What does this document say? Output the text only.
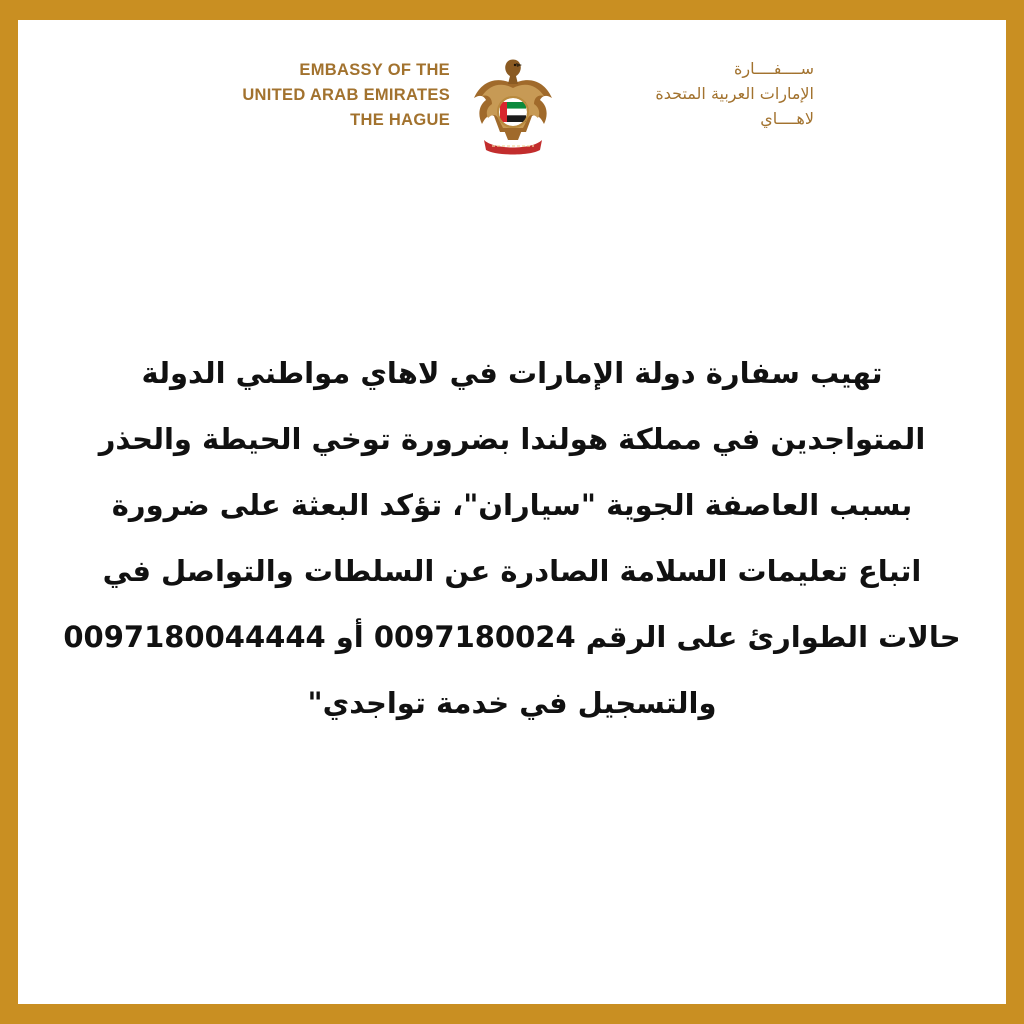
EMBASSY OF THE
UNITED ARAB EMIRATES
THE HAGUE
ســــفــــارة
الإمارات العربية المتحدة
لاهــــاي
تهيب سفارة دولة الإمارات في لاهاي مواطني الدولة
المتواجدين في مملكة هولندا بضرورة توخي الحيطة والحذر
بسبب العاصفة الجوية "سياران"، تؤكد البعثة على ضرورة
اتباع تعليمات السلامة الصادرة عن السلطات والتواصل في
حالات الطوارئ على الرقم 0097180024 أو 0097180044444
والتسجيل في خدمة تواجدي"
